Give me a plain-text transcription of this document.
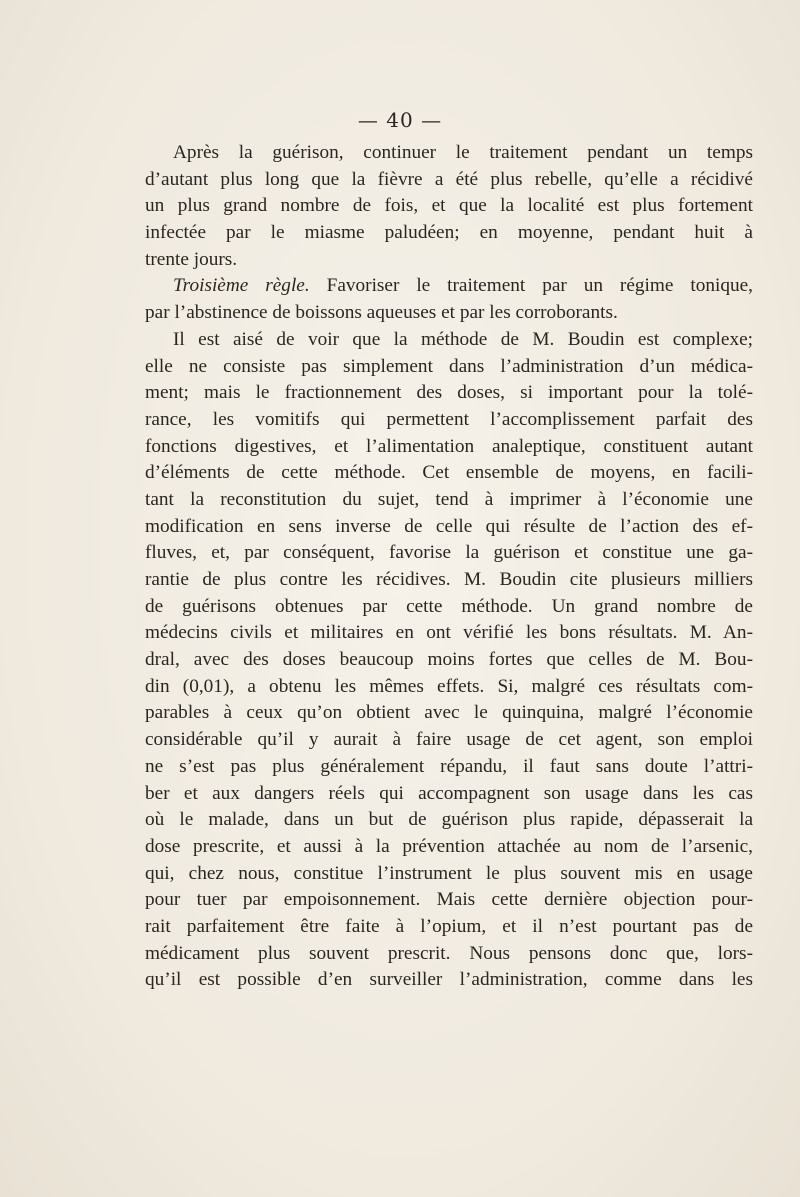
— 40 —
Après la guérison, continuer le traitement pendant un temps
d’autant plus long que la fièvre a été plus rebelle, qu’elle a récidivé
un plus grand nombre de fois, et que la localité est plus fortement
infectée par le miasme paludéen; en moyenne, pendant huit à
trente jours.
Troisième règle. Favoriser le traitement par un régime tonique,
par l’abstinence de boissons aqueuses et par les corroborants.
Il est aisé de voir que la méthode de M. Boudin est complexe;
elle ne consiste pas simplement dans l’administration d’un médica-
ment; mais le fractionnement des doses, si important pour la tolé-
rance, les vomitifs qui permettent l’accomplissement parfait des
fonctions digestives, et l’alimentation analeptique, constituent autant
d’éléments de cette méthode. Cet ensemble de moyens, en facili-
tant la reconstitution du sujet, tend à imprimer à l’économie une
modification en sens inverse de celle qui résulte de l’action des ef-
fluves, et, par conséquent, favorise la guérison et constitue une ga-
rantie de plus contre les récidives. M. Boudin cite plusieurs milliers
de guérisons obtenues par cette méthode. Un grand nombre de
médecins civils et militaires en ont vérifié les bons résultats. M. An-
dral, avec des doses beaucoup moins fortes que celles de M. Bou-
din (0,01), a obtenu les mêmes effets. Si, malgré ces résultats com-
parables à ceux qu’on obtient avec le quinquina, malgré l’économie
considérable qu’il y aurait à faire usage de cet agent, son emploi
ne s’est pas plus généralement répandu, il faut sans doute l’attri-
ber et aux dangers réels qui accompagnent son usage dans les cas
où le malade, dans un but de guérison plus rapide, dépasserait la
dose prescrite, et aussi à la prévention attachée au nom de l’arsenic,
qui, chez nous, constitue l’instrument le plus souvent mis en usage
pour tuer par empoisonnement. Mais cette dernière objection pour-
rait parfaitement être faite à l’opium, et il n’est pourtant pas de
médicament plus souvent prescrit. Nous pensons donc que, lors-
qu’il est possible d’en surveiller l’administration, comme dans les
